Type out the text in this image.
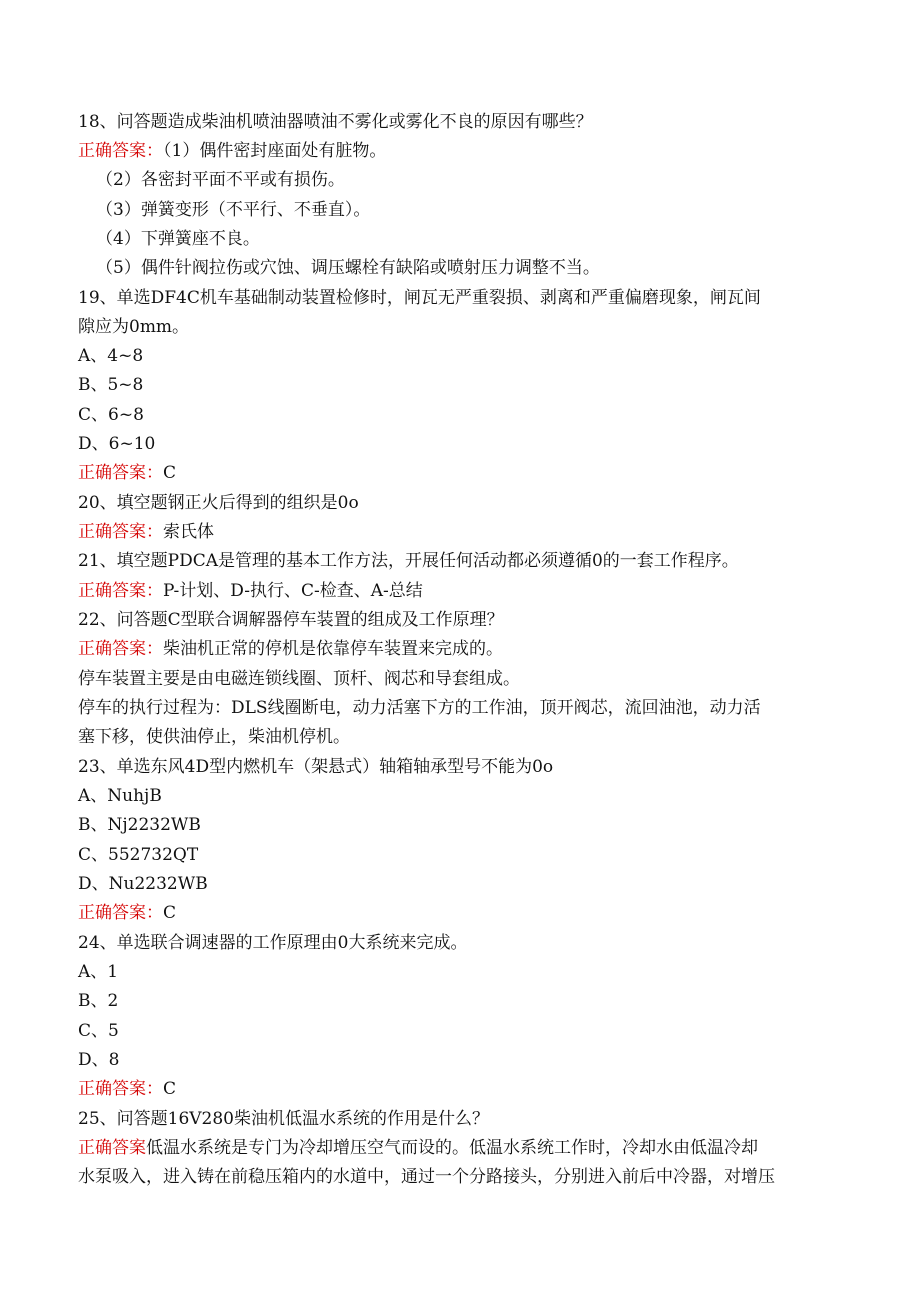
18、问答题造成柴油机喷油器喷油不雾化或雾化不良的原因有哪些？
正确答案：（1）偶件密封座面处有脏物。
（2）各密封平面不平或有损伤。
（3）弹簧变形（不平行、不垂直）。
（4）下弹簧座不良。
（5）偶件针阀拉伤或穴蚀、调压螺栓有缺陷或喷射压力调整不当。
19、单选DF4C机车基础制动装置检修时，闸瓦无严重裂损、剥离和严重偏磨现象，闸瓦间
隙应为0mm。
A、4~8
B、5~8
C、6~8
D、6~10
正确答案：C
20、填空题钢正火后得到的组织是0o
正确答案：索氏体
21、填空题PDCA是管理的基本工作方法，开展任何活动都必须遵循0的一套工作程序。
正确答案：P-计划、D-执行、C-检查、A-总结
22、问答题C型联合调解器停车装置的组成及工作原理？
正确答案：柴油机正常的停机是依靠停车装置来完成的。
停车装置主要是由电磁连锁线圈、顶杆、阀芯和导套组成。
停车的执行过程为：DLS线圈断电，动力活塞下方的工作油，顶开阀芯，流回油池，动力活
塞下移，使供油停止，柴油机停机。
23、单选东风4D型内燃机车（架悬式）轴箱轴承型号不能为0o
A、NuhjB
B、Nj2232WB
C、552732QT
D、Nu2232WB
正确答案：C
24、单选联合调速器的工作原理由0大系统来完成。
A、1
B、2
C、5
D、8
正确答案：C
25、问答题16V280柴油机低温水系统的作用是什么？
正确答案低温水系统是专门为冷却增压空气而设的。低温水系统工作时，冷却水由低温冷却
水泵吸入，进入铸在前稳压箱内的水道中，通过一个分路接头，分别进入前后中冷器，对增压
